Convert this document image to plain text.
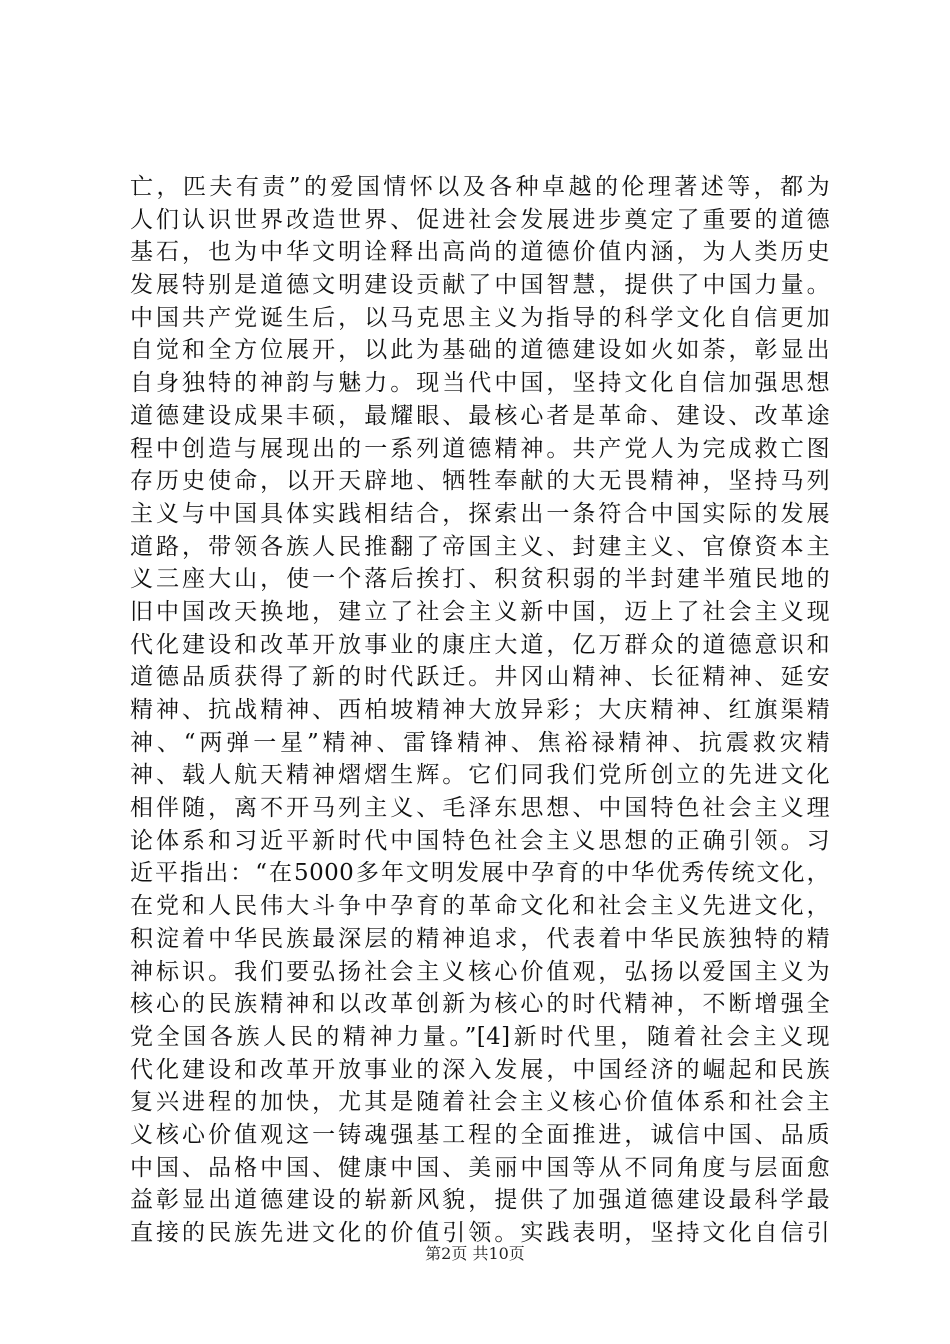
亡，匹夫有责”的爱国情怀以及各种卓越的伦理著述等，都为
人们认识世界改造世界、促进社会发展进步奠定了重要的道德
基石，也为中华文明诠释出高尚的道德价值内涵，为人类历史
发展特别是道德文明建设贡献了中国智慧，提供了中国力量。
中国共产党诞生后，以马克思主义为指导的科学文化自信更加
自觉和全方位展开，以此为基础的道德建设如火如荼，彰显出
自身独特的神韵与魅力。现当代中国，坚持文化自信加强思想
道德建设成果丰硕，最耀眼、最核心者是革命、建设、改革途
程中创造与展现出的一系列道德精神。共产党人为完成救亡图
存历史使命，以开天辟地、牺牲奉献的大无畏精神，坚持马列
主义与中国具体实践相结合，探索出一条符合中国实际的发展
道路，带领各族人民推翻了帝国主义、封建主义、官僚资本主
义三座大山，使一个落后挨打、积贫积弱的半封建半殖民地的
旧中国改天换地，建立了社会主义新中国，迈上了社会主义现
代化建设和改革开放事业的康庄大道，亿万群众的道德意识和
道德品质获得了新的时代跃迁。井冈山精神、长征精神、延安
精神、抗战精神、西柏坡精神大放异彩；大庆精神、红旗渠精
神、“两弹一星”精神、雷锋精神、焦裕禄精神、抗震救灾精
神、载人航天精神熠熠生辉。它们同我们党所创立的先进文化
相伴随，离不开马列主义、毛泽东思想、中国特色社会主义理
论体系和习近平新时代中国特色社会主义思想的正确引领。习
近平指出：“在5000多年文明发展中孕育的中华优秀传统文化，
在党和人民伟大斗争中孕育的革命文化和社会主义先进文化，
积淀着中华民族最深层的精神追求，代表着中华民族独特的精
神标识。我们要弘扬社会主义核心价值观，弘扬以爱国主义为
核心的民族精神和以改革创新为核心的时代精神，不断增强全
党全国各族人民的精神力量。”[4]新时代里，随着社会主义现
代化建设和改革开放事业的深入发展，中国经济的崛起和民族
复兴进程的加快，尤其是随着社会主义核心价值体系和社会主
义核心价值观这一铸魂强基工程的全面推进，诚信中国、品质
中国、品格中国、健康中国、美丽中国等从不同角度与层面愈
益彰显出道德建设的崭新风貌，提供了加强道德建设最科学最
直接的民族先进文化的价值引领。实践表明，坚持文化自信引
第2页 共10页
